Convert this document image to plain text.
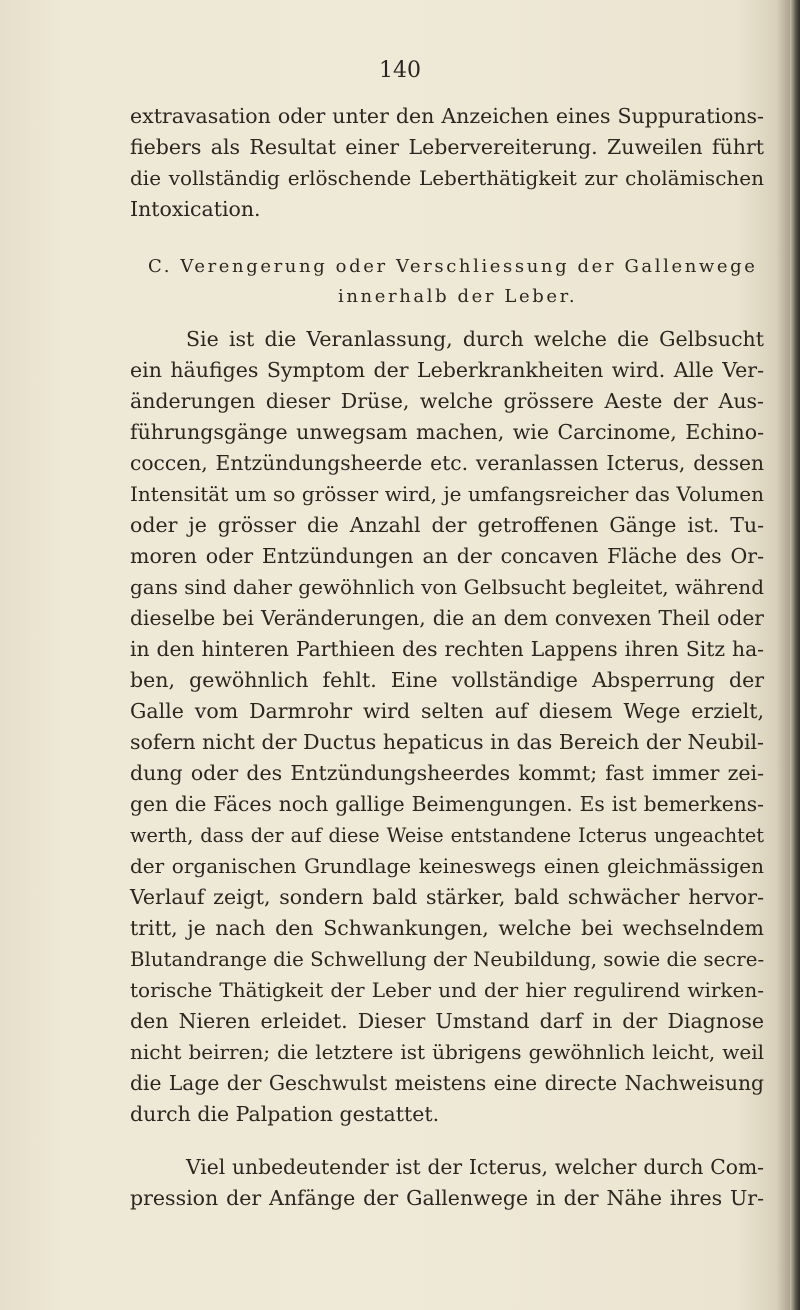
140
extravasation oder unter den Anzeichen eines Suppurations-
fiebers als Resultat einer Lebervereiterung. Zuweilen führt
die vollständig erlöschende Leberthätigkeit zur cholämischen
Intoxication.
C. Verengerung oder Verschliessung der Gallenwege
innerhalb der Leber.
Sie ist die Veranlassung, durch welche die Gelbsucht
ein häufiges Symptom der Leberkrankheiten wird. Alle Ver-
änderungen dieser Drüse, welche grössere Aeste der Aus-
führungsgänge unwegsam machen, wie Carcinome, Echino-
coccen, Entzündungsheerde etc. veranlassen Icterus, dessen
Intensität um so grösser wird, je umfangsreicher das Volumen
oder je grösser die Anzahl der getroffenen Gänge ist. Tu-
moren oder Entzündungen an der concaven Fläche des Or-
gans sind daher gewöhnlich von Gelbsucht begleitet, während
dieselbe bei Veränderungen, die an dem convexen Theil oder
in den hinteren Parthieen des rechten Lappens ihren Sitz ha-
ben, gewöhnlich fehlt. Eine vollständige Absperrung der
Galle vom Darmrohr wird selten auf diesem Wege erzielt,
sofern nicht der Ductus hepaticus in das Bereich der Neubil-
dung oder des Entzündungsheerdes kommt; fast immer zei-
gen die Fäces noch gallige Beimengungen. Es ist bemerkens-
werth, dass der auf diese Weise entstandene Icterus ungeachtet
der organischen Grundlage keineswegs einen gleichmässigen
Verlauf zeigt, sondern bald stärker, bald schwächer hervor-
tritt, je nach den Schwankungen, welche bei wechselndem
Blutandrange die Schwellung der Neubildung, sowie die secre-
torische Thätigkeit der Leber und der hier regulirend wirken-
den Nieren erleidet. Dieser Umstand darf in der Diagnose
nicht beirren; die letztere ist übrigens gewöhnlich leicht, weil
die Lage der Geschwulst meistens eine directe Nachweisung
durch die Palpation gestattet.
Viel unbedeutender ist der Icterus, welcher durch Com-
pression der Anfänge der Gallenwege in der Nähe ihres Ur-
